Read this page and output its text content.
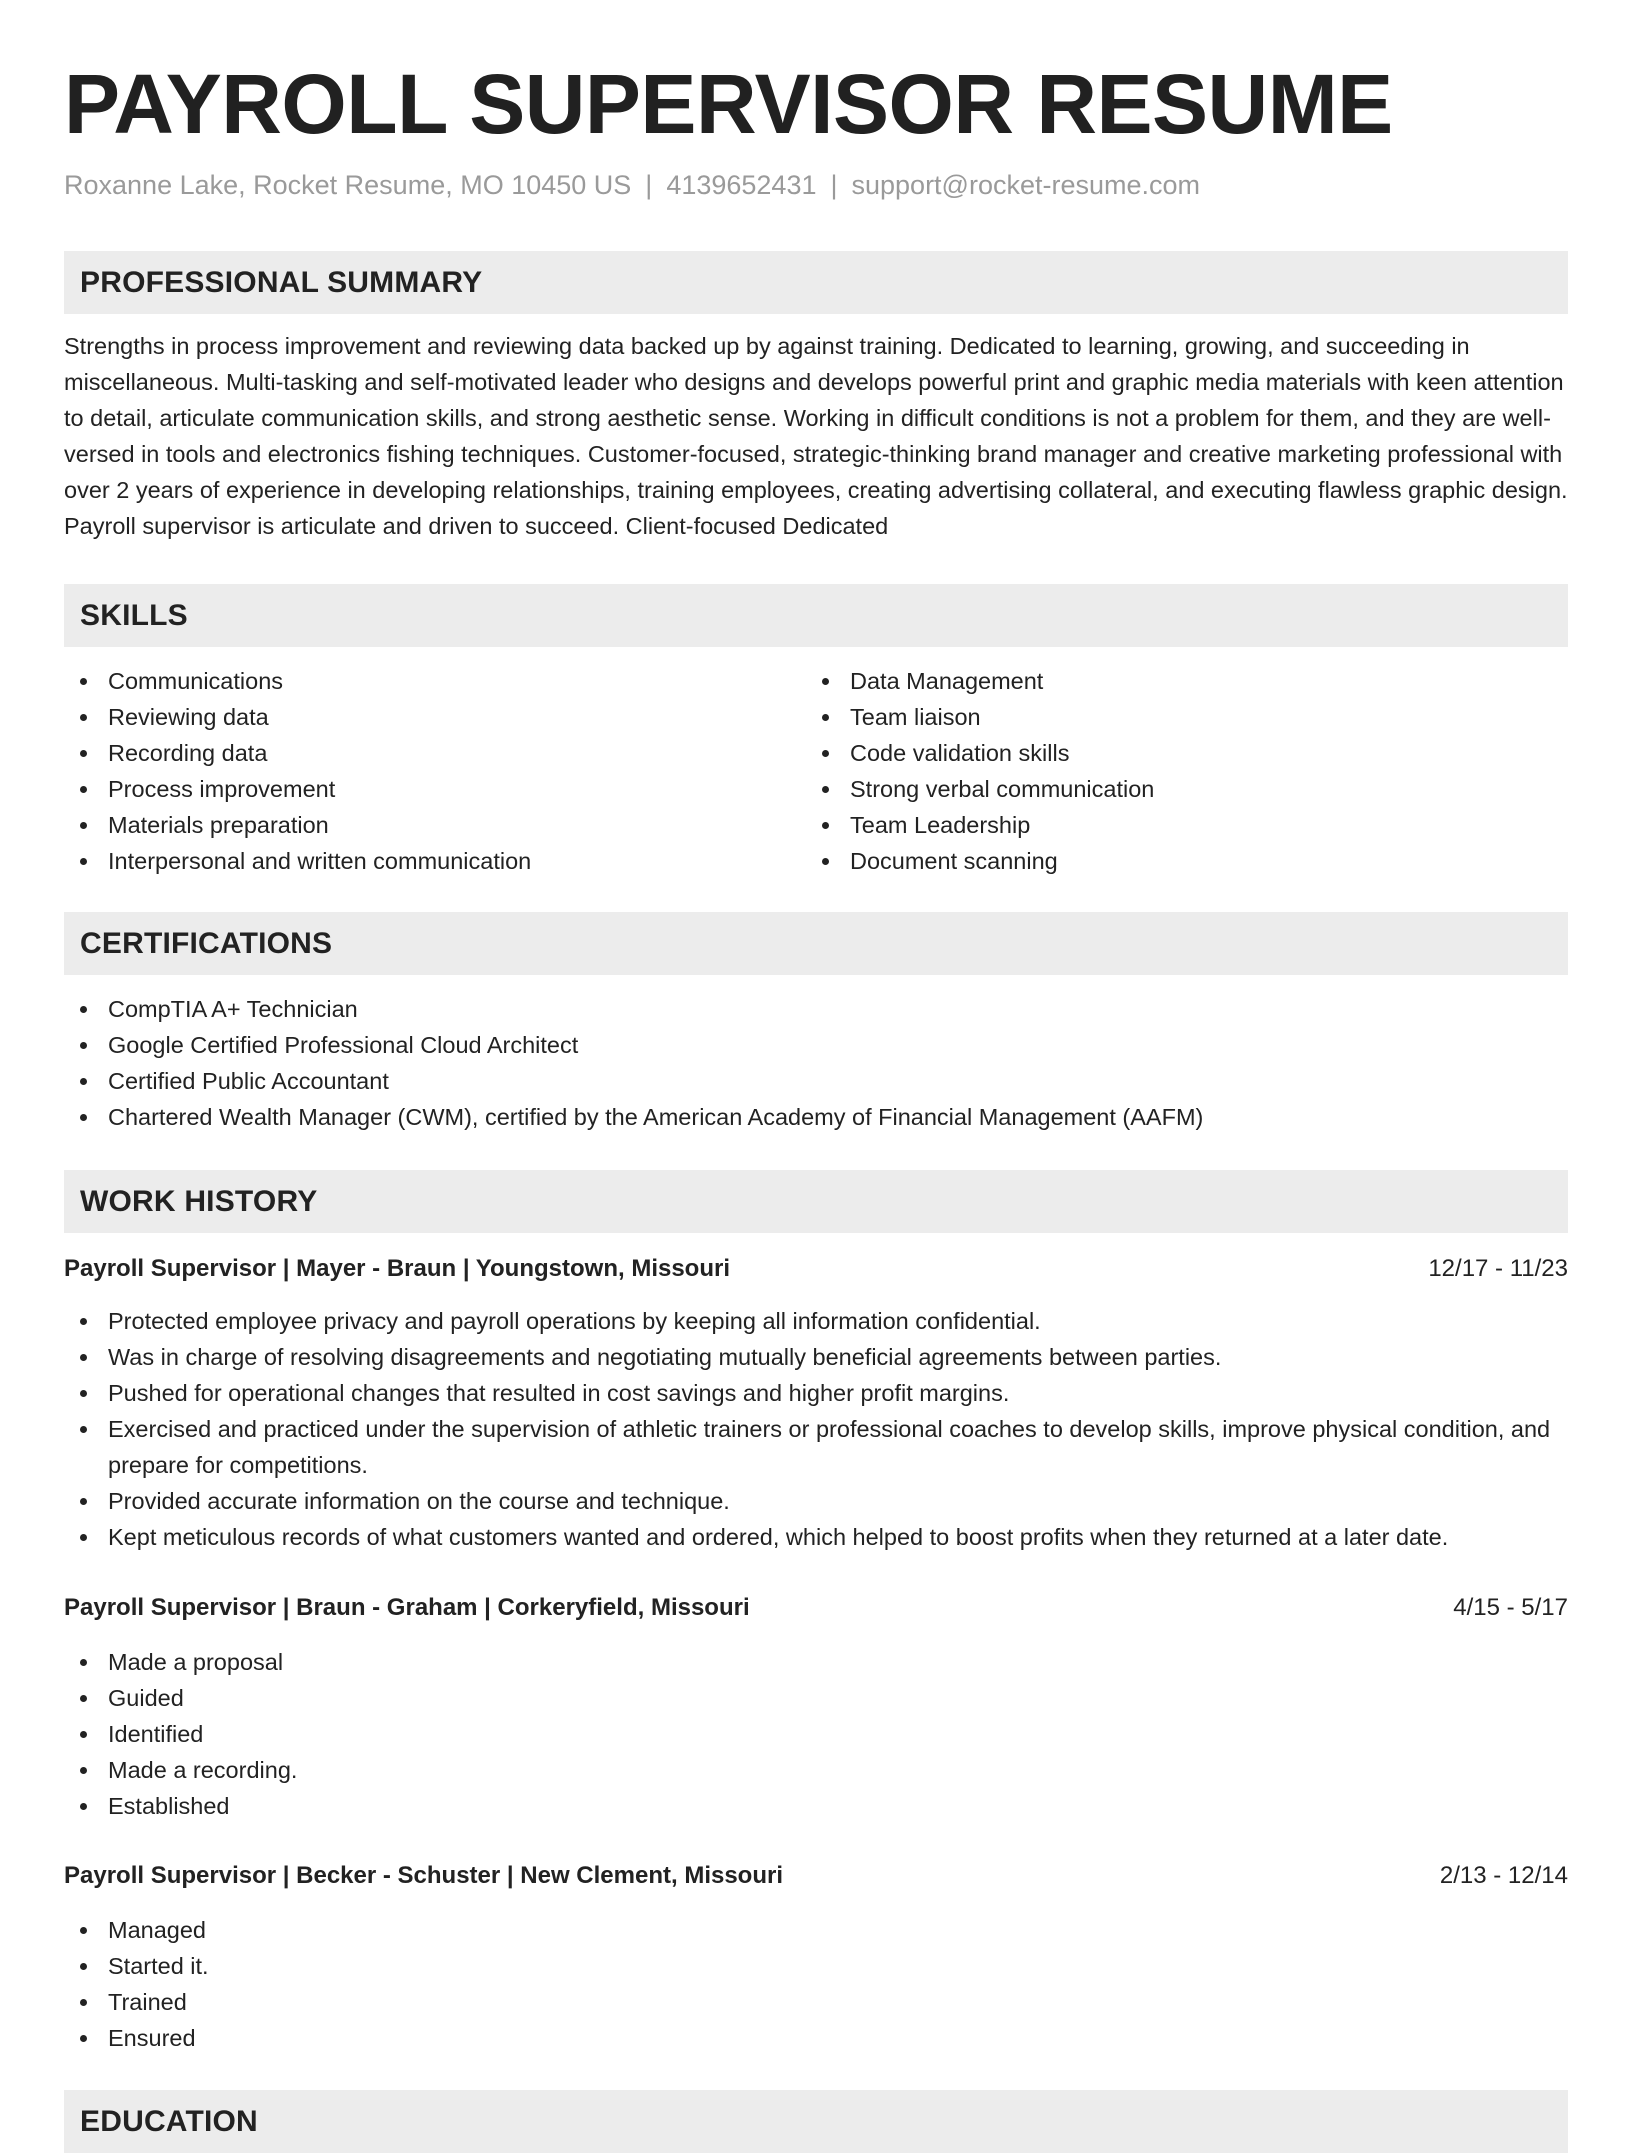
PAYROLL SUPERVISOR RESUME
Roxanne Lake, Rocket Resume, MO 10450 US | 4139652431 | support@rocket-resume.com
PROFESSIONAL SUMMARY

Strengths in process improvement and reviewing data backed up by against training. Dedicated to learning, growing, and succeeding in miscellaneous. Multi-tasking and self-motivated leader who designs and develops powerful print and graphic media materials with keen attention to detail, articulate communication skills, and strong aesthetic sense. Working in difficult conditions is not a problem for them, and they are well-versed in tools and electronics fishing techniques. Customer-focused, strategic-thinking brand manager and creative marketing professional with over 2 years of experience in developing relationships, training employees, creating advertising collateral, and executing flawless graphic design. Payroll supervisor is articulate and driven to succeed. Client-focused Dedicated

SKILLS
Communications
Reviewing data
Recording data
Process improvement
Materials preparation
Interpersonal and written communication
Data Management
Team liaison
Code validation skills
Strong verbal communication
Team Leadership
Document scanning
CERTIFICATIONS
CompTIA A+ Technician
Google Certified Professional Cloud Architect
Certified Public Accountant
Chartered Wealth Manager (CWM), certified by the American Academy of Financial Management (AAFM)
WORK HISTORY
Payroll Supervisor | Mayer - Braun | Youngstown, Missouri	12/17 - 11/23
Protected employee privacy and payroll operations by keeping all information confidential.
Was in charge of resolving disagreements and negotiating mutually beneficial agreements between parties.
Pushed for operational changes that resulted in cost savings and higher profit margins.
Exercised and practiced under the supervision of athletic trainers or professional coaches to develop skills, improve physical condition, and prepare for competitions.
Provided accurate information on the course and technique.
Kept meticulous records of what customers wanted and ordered, which helped to boost profits when they returned at a later date.
Payroll Supervisor | Braun - Graham | Corkeryfield, Missouri	4/15 - 5/17
Made a proposal
Guided
Identified
Made a recording.
Established
Payroll Supervisor | Becker - Schuster | New Clement, Missouri	2/13 - 12/14
Managed
Started it.
Trained
Ensured
EDUCATION
